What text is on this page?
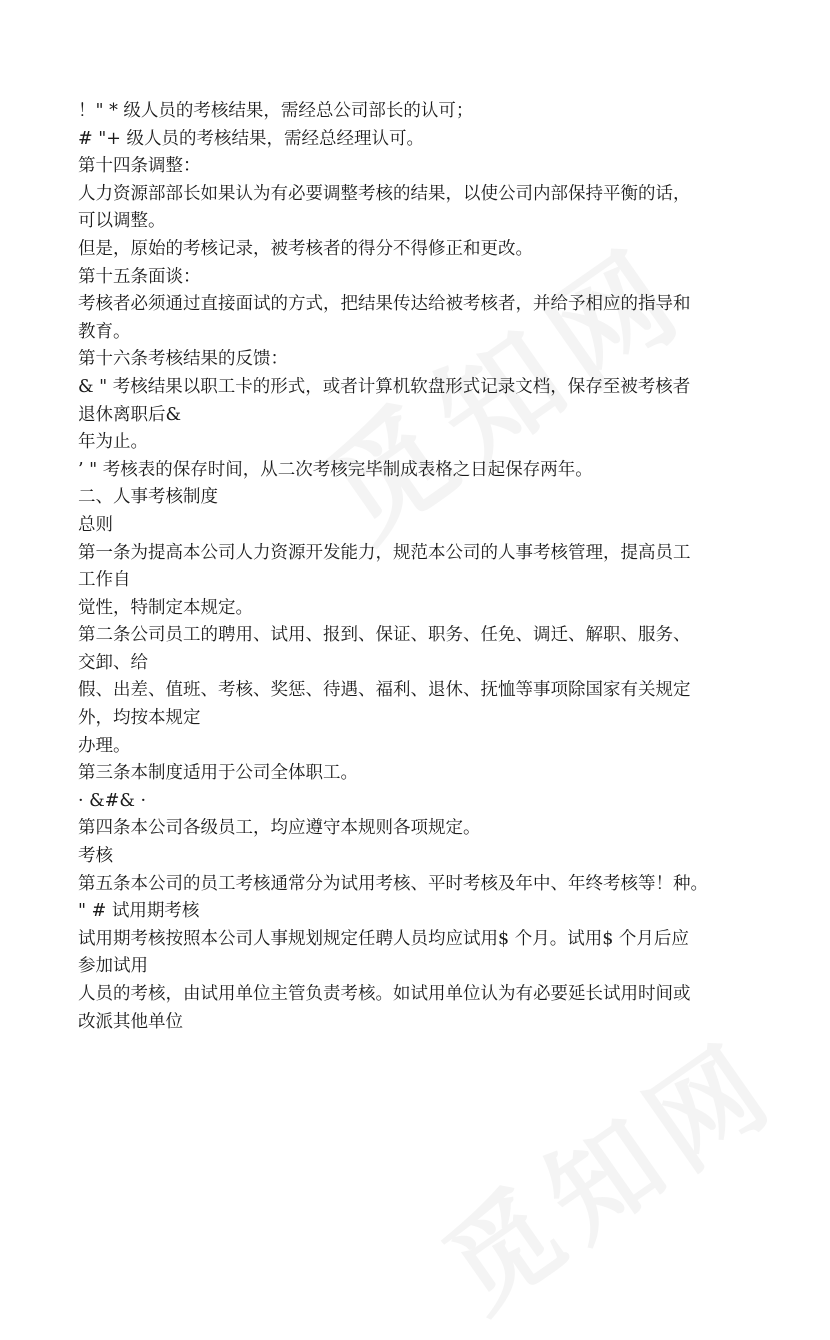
！" * 级人员的考核结果，需经总公司部长的认可；
# "+ 级人员的考核结果，需经总经理认可。
第十四条调整：
人力资源部部长如果认为有必要调整考核的结果，以使公司内部保持平衡的话，
可以调整。
但是，原始的考核记录，被考核者的得分不得修正和更改。
第十五条面谈：
考核者必须通过直接面试的方式，把结果传达给被考核者，并给予相应的指导和
教育。
第十六条考核结果的反馈：
& " 考核结果以职工卡的形式，或者计算机软盘形式记录文档，保存至被考核者
退休离职后&
年为止。
’ " 考核表的保存时间，从二次考核完毕制成表格之日起保存两年。
二、人事考核制度
总则
第一条为提高本公司人力资源开发能力，规范本公司的人事考核管理，提高员工
工作自
觉性，特制定本规定。
第二条公司员工的聘用、试用、报到、保证、职务、任免、调迁、解职、服务、
交卸、给
假、出差、值班、考核、奖惩、待遇、福利、退休、抚恤等事项除国家有关规定
外，均按本规定
办理。
第三条本制度适用于公司全体职工。
· &#& ·
第四条本公司各级员工，均应遵守本规则各项规定。
考核
第五条本公司的员工考核通常分为试用考核、平时考核及年中、年终考核等！种。
" # 试用期考核
试用期考核按照本公司人事规划规定任聘人员均应试用$ 个月。试用$ 个月后应
参加试用
人员的考核，由试用单位主管负责考核。如试用单位认为有必要延长试用时间或
改派其他单位
